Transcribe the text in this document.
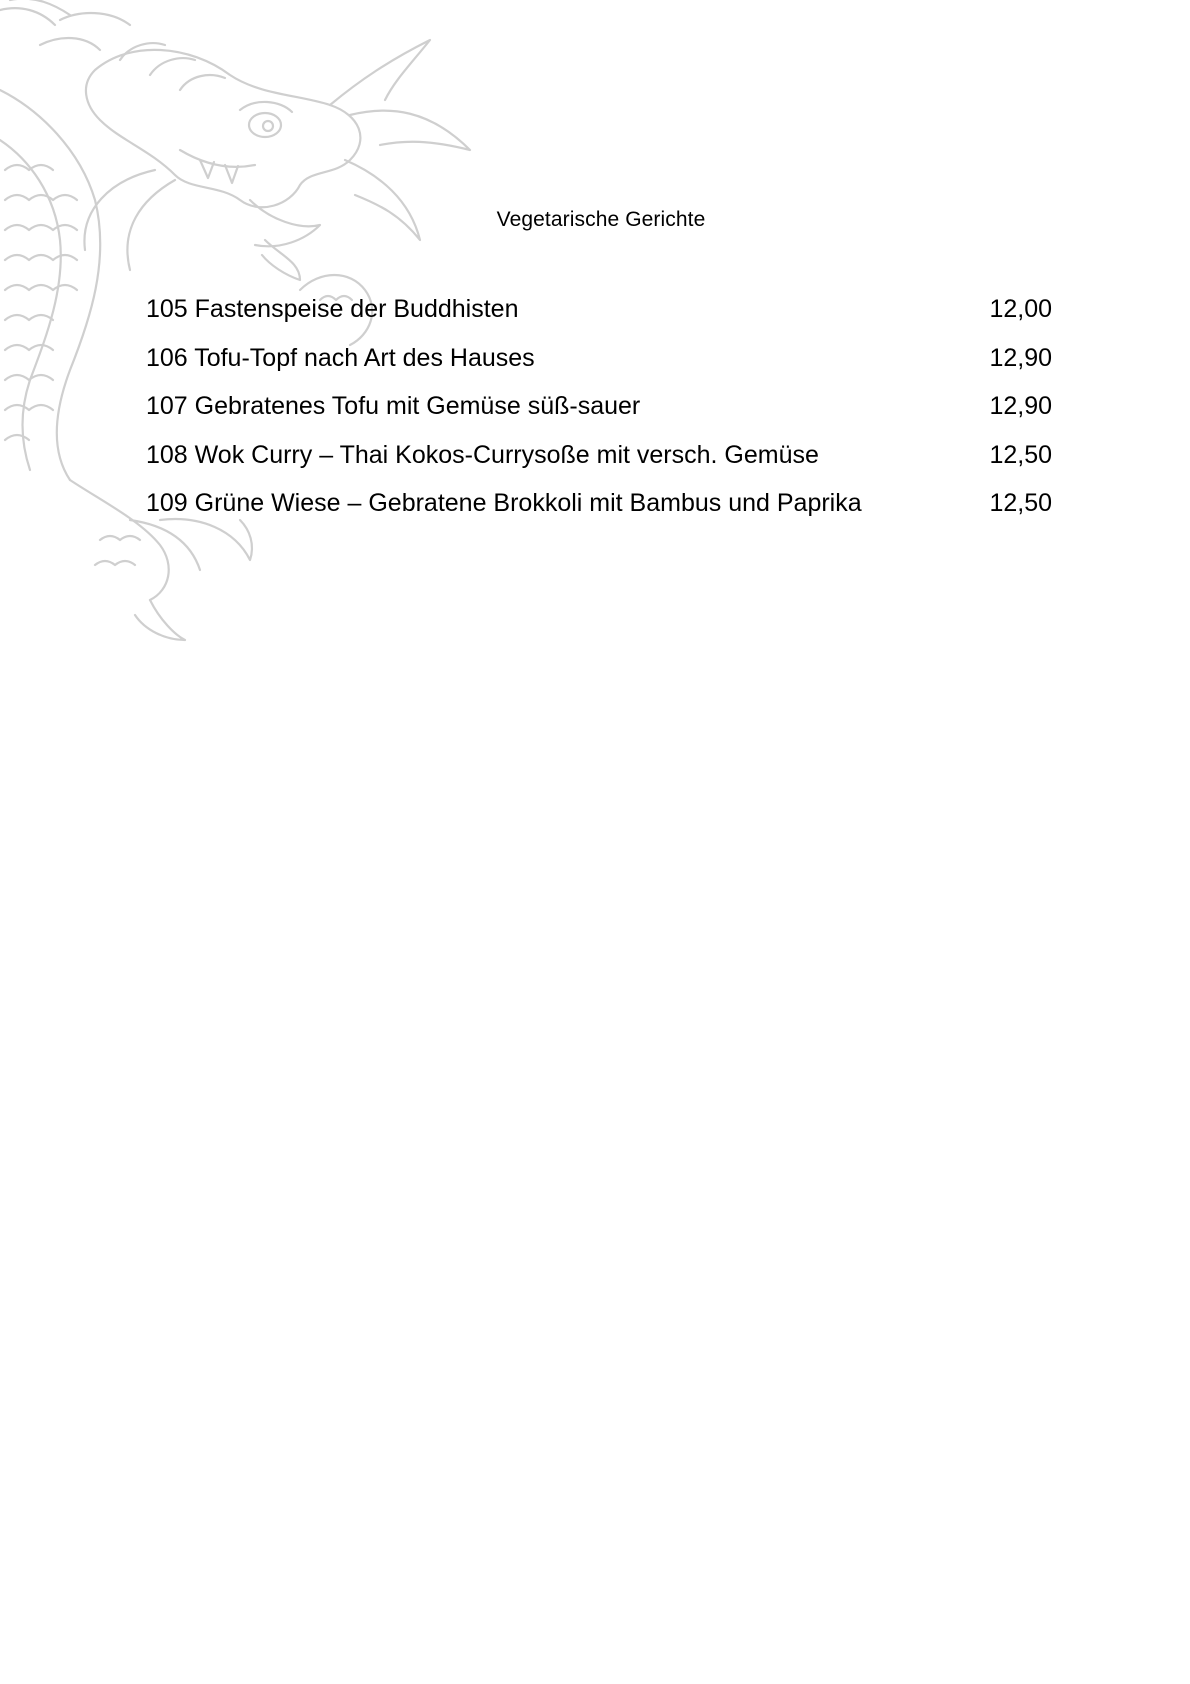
Vegetarische Gerichte
105 Fastenspeise der Buddhisten	12,00
106 Tofu-Topf nach Art des Hauses	12,90
107 Gebratenes Tofu mit Gemüse süß-sauer	12,90
108 Wok Curry – Thai Kokos-Currysoße mit versch. Gemüse	12,50
109 Grüne Wiese – Gebratene Brokkoli mit Bambus und Paprika	12,50
